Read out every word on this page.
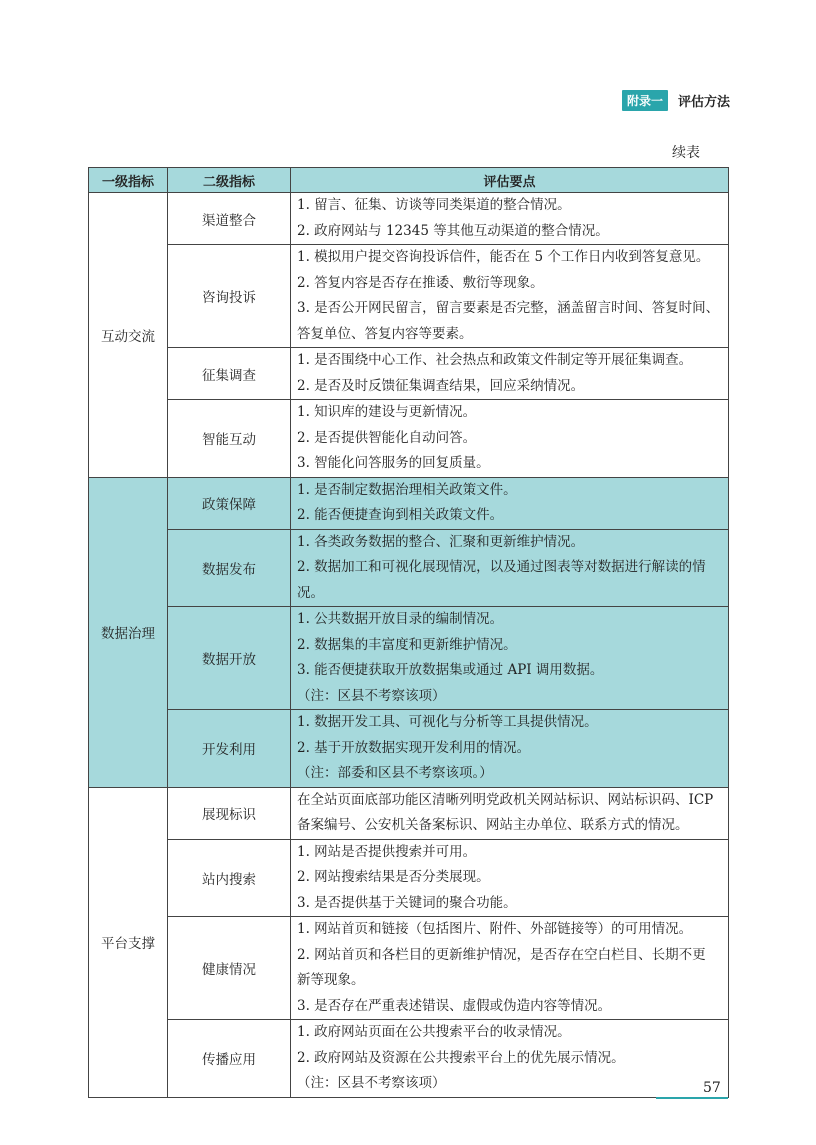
附录一	评估方法
续表
一级指标	二级指标	评估要点
互动交流	渠道整合	1. 留言、征集、访谈等同类渠道的整合情况。
2. 政府网站与 12345 等其他互动渠道的整合情况。

	咨询投诉	1. 模拟用户提交咨询投诉信件，能否在 5 个工作日内收到答复意见。
2. 答复内容是否存在推诿、敷衍等现象。
3. 是否公开网民留言，留言要素是否完整，涵盖留言时间、答复时间、
答复单位、答复内容等要素。

	征集调查	1. 是否围绕中心工作、社会热点和政策文件制定等开展征集调查。
2. 是否及时反馈征集调查结果，回应采纳情况。

	智能互动	1. 知识库的建设与更新情况。
2. 是否提供智能化自动问答。
3. 智能化问答服务的回复质量。

数据治理	政策保障	1. 是否制定数据治理相关政策文件。
2. 能否便捷查询到相关政策文件。

	数据发布	1. 各类政务数据的整合、汇聚和更新维护情况。
2. 数据加工和可视化展现情况，以及通过图表等对数据进行解读的情况。

	数据开放	1. 公共数据开放目录的编制情况。
2. 数据集的丰富度和更新维护情况。
3. 能否便捷获取开放数据集或通过 API 调用数据。
（注：区县不考察该项）

	开发利用	1. 数据开发工具、可视化与分析等工具提供情况。
2. 基于开放数据实现开发利用的情况。
（注：部委和区县不考察该项。）

平台支撑	展现标识	在全站页面底部功能区清晰列明党政机关网站标识、网站标识码、ICP
备案编号、公安机关备案标识、网站主办单位、联系方式的情况。

	站内搜索	1. 网站是否提供搜索并可用。
2. 网站搜索结果是否分类展现。
3. 是否提供基于关键词的聚合功能。

	健康情况	1. 网站首页和链接（包括图片、附件、外部链接等）的可用情况。
2. 网站首页和各栏目的更新维护情况，是否存在空白栏目、长期不更
新等现象。
3. 是否存在严重表述错误、虚假或伪造内容等情况。

	传播应用	1. 政府网站页面在公共搜索平台的收录情况。
2. 政府网站及资源在公共搜索平台上的优先展示情况。
（注：区县不考察该项）	57
